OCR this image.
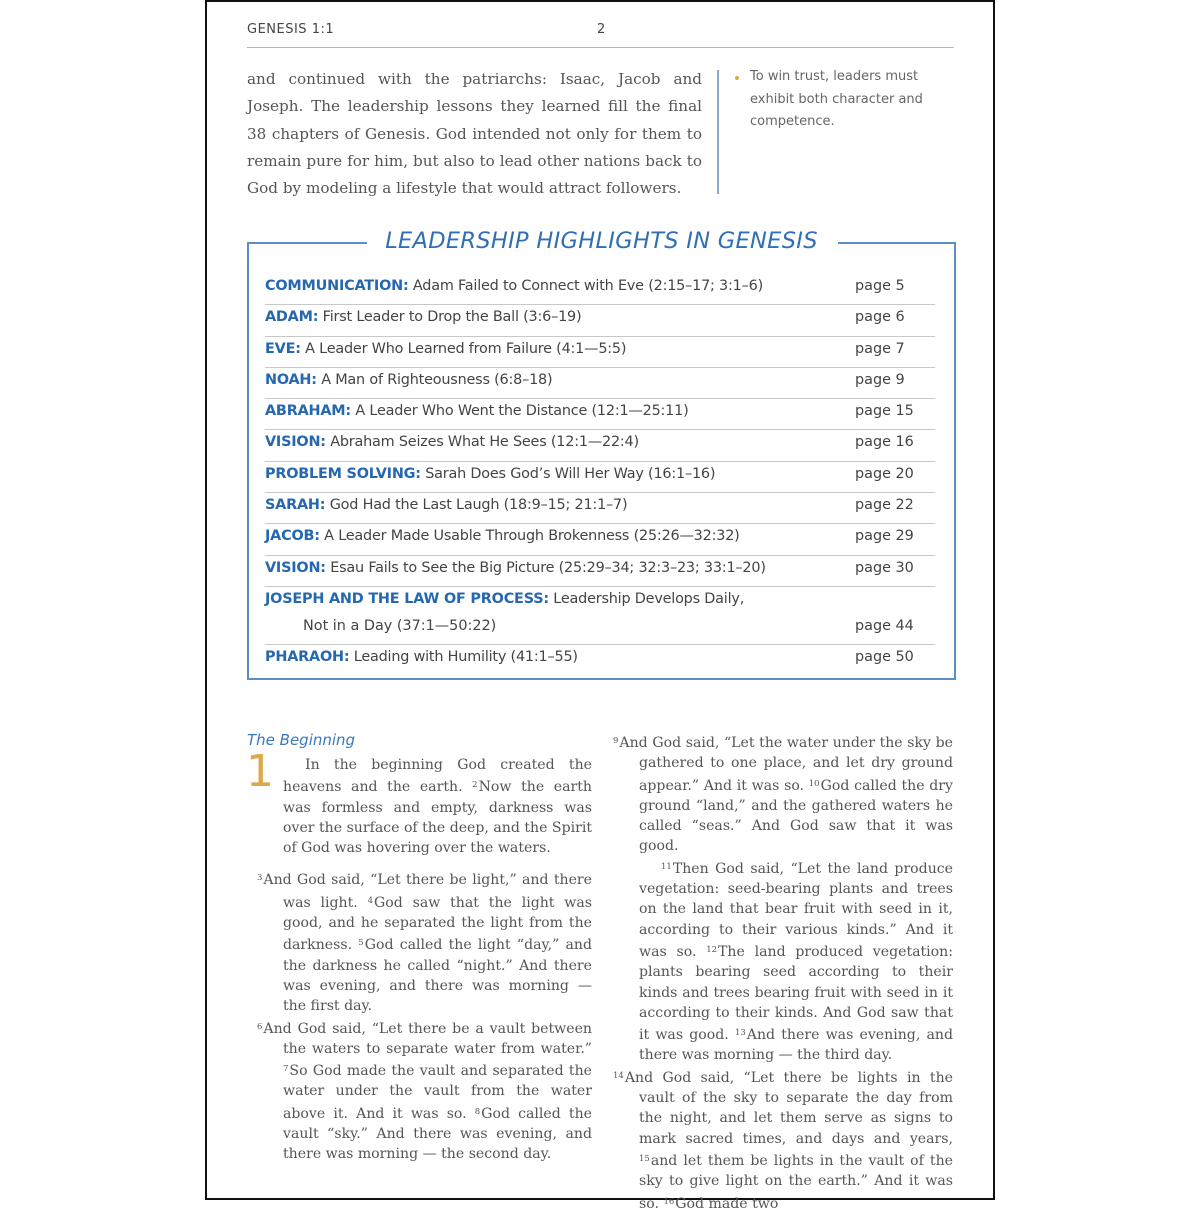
GENESIS 1:1	2
and continued with the patriarchs: Isaac, Jacob and Joseph. The leadership lessons they learned fill the final 38 chapters of Genesis. God intended not only for them to remain pure for him, but also to lead other nations back to God by modeling a lifestyle that would attract followers.

To win trust, leaders must exhibit both character and competence.

LEADERSHIP HIGHLIGHTS IN GENESIS
COMMUNICATION: Adam Failed to Connect with Eve (2:15–17; 3:1–6)	page 5
ADAM: First Leader to Drop the Ball (3:6–19)	page 6
EVE: A Leader Who Learned from Failure (4:1—5:5)	page 7
NOAH: A Man of Righteousness (6:8–18)	page 9
ABRAHAM: A Leader Who Went the Distance (12:1—25:11)	page 15
VISION: Abraham Seizes What He Sees (12:1—22:4)	page 16
PROBLEM SOLVING: Sarah Does God’s Will Her Way (16:1–16)	page 20
SARAH: God Had the Last Laugh (18:9–15; 21:1–7)	page 22
JACOB: A Leader Made Usable Through Brokenness (25:26—32:32)	page 29
VISION: Esau Fails to See the Big Picture (25:29–34; 32:3–23; 33:1–20)	page 30
JOSEPH AND THE LAW OF PROCESS: Leadership Develops Daily,
Not in a Day (37:1—50:22)	page 44
PHARAOH: Leading with Humility (41:1–55)	page 50
The Beginning
1	In the beginning God created the heavens and the earth. $^2$Now the earth was formless and empty, darkness was over the surface of the deep, and the Spirit of God was hovering over the waters.

$^3$And God said, “Let there be light,” and there was light. $^4$God saw that the light was good, and he separated the light from the darkness. $^5$God called the light “day,” and the darkness he called “night.” And there was evening, and there was morning — the first day.

$^6$And God said, “Let there be a vault between the waters to separate water from water.” $^7$So God made the vault and separated the water under the vault from the water above it. And it was so. $^8$God called the vault “sky.” And there was evening, and there was morning — the second day.

$^9$And God said, “Let the water under the sky be gathered to one place, and let dry ground appear.” And it was so. $^{10}$God called the dry ground “land,” and the gathered waters he called “seas.” And God saw that it was good.

$^{11}$Then God said, “Let the land produce vegetation: seed-bearing plants and trees on the land that bear fruit with seed in it, according to their various kinds.” And it was so. $^{12}$The land produced vegetation: plants bearing seed according to their kinds and trees bearing fruit with seed in it according to their kinds. And God saw that it was good. $^{13}$And there was evening, and there was morning — the third day.

$^{14}$And God said, “Let there be lights in the vault of the sky to separate the day from the night, and let them serve as signs to mark sacred times, and days and years, $^{15}$and let them be lights in the vault of the sky to give light on the earth.” And it was so. $^{16}$God made two
